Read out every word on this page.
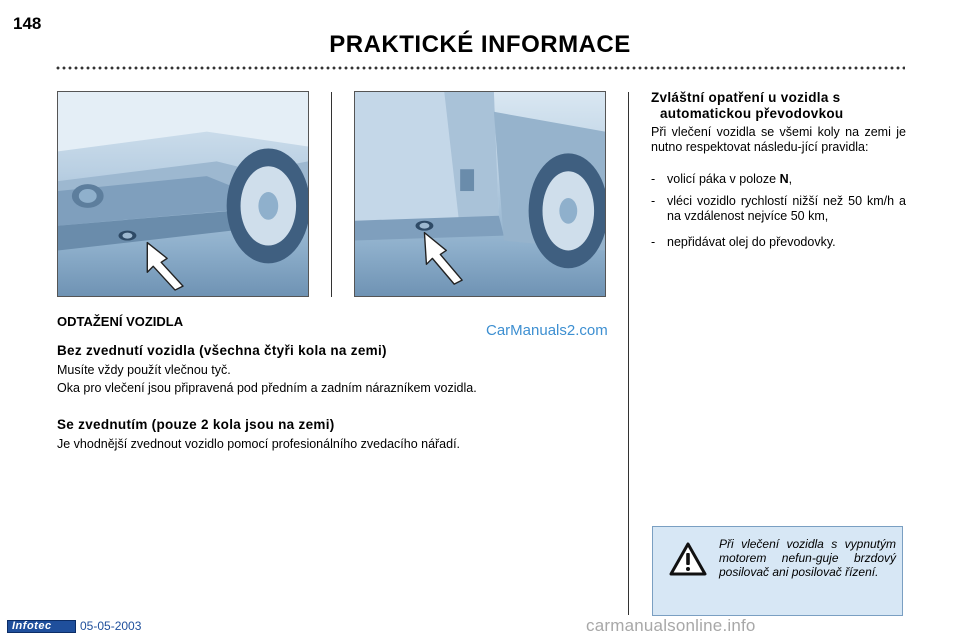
148
PRAKTICKÉ INFORMACE
CarManuals2.com
ODTAŽENÍ VOZIDLA
Bez zvednutí vozidla (všechna čtyři kola na zemi)
Musíte vždy použít vlečnou tyč.
Oka pro vlečení jsou připravená pod předním a zadním nárazníkem vozidla.
Se zvednutím (pouze 2 kola jsou na zemi)
Je vhodnější zvednout vozidlo pomocí profesionálního zvedacího nářadí.
Zvláštní opatření u vozidla s
automatickou převodovkou
Při vlečení vozidla se všemi koly na zemi je nutno respektovat následu-jící pravidla:
- volicí páka v poloze N,
- vléci vozidlo rychlostí nižší než 50 km/h a na vzdálenost nejvíce 50 km,
- nepřidávat olej do převodovky.
Při vlečení vozidla s vypnutým motorem nefun-guje brzdový posilovač ani posilovač řízení.
Infotec 05-05-2003	carmanualsonline.info
